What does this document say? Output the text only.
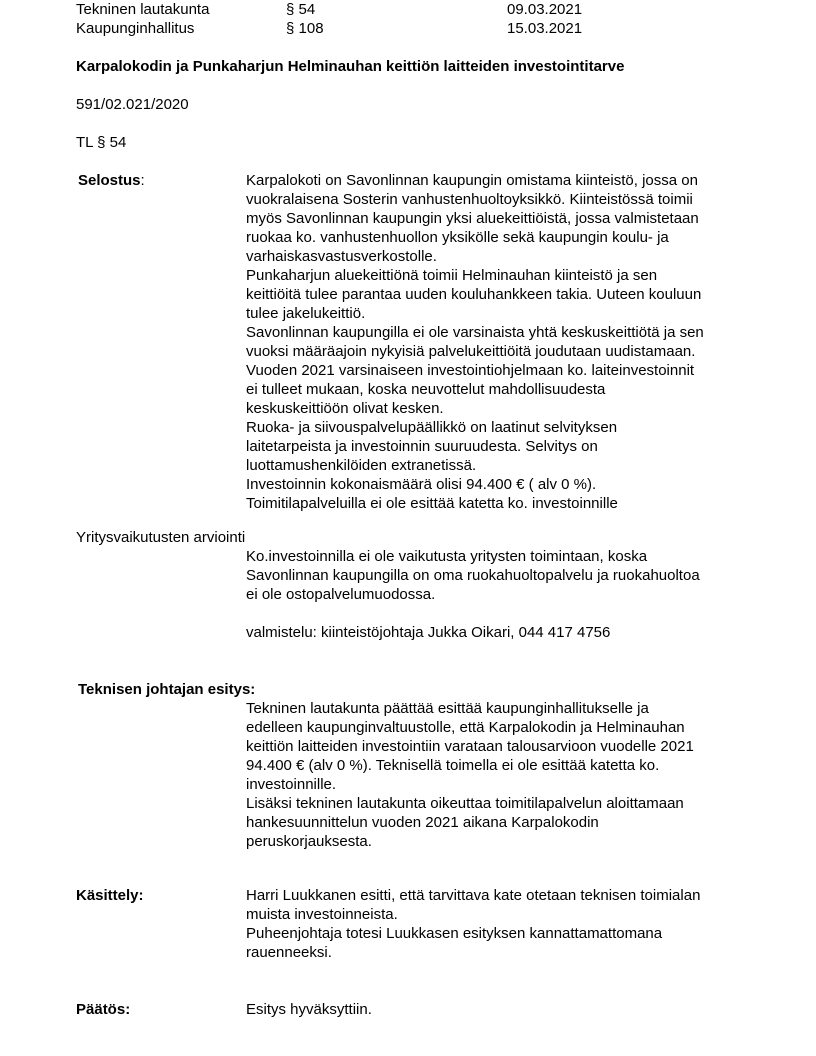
Tekninen lautakunta	§ 54	09.03.2021
Kaupunginhallitus	§ 108	15.03.2021
Karpalokodin ja Punkaharjun Helminauhan keittiön laitteiden investointitarve
591/02.021/2020
TL § 54
Selostus:	Karpalokoti on Savonlinnan kaupungin omistama kiinteistö, jossa on
vuokralaisena Sosterin vanhustenhuoltoyksikkö. Kiinteistössä toimii
myös Savonlinnan kaupungin yksi aluekeittiöistä, jossa valmistetaan
ruokaa ko. vanhustenhuollon yksikölle sekä kaupungin koulu- ja
varhaiskasvastusverkostolle.
Punkaharjun aluekeittiönä toimii Helminauhan kiinteistö ja sen
keittiöitä tulee parantaa uuden kouluhankkeen takia. Uuteen kouluun
tulee jakelukeittiö.
Savonlinnan kaupungilla ei ole varsinaista yhtä keskuskeittiötä ja sen
vuoksi määräajoin nykyisiä palvelukeittiöitä joudutaan uudistamaan.
Vuoden 2021 varsinaiseen investointiohjelmaan ko. laiteinvestoinnit
ei tulleet mukaan, koska neuvottelut mahdollisuudesta
keskuskeittiöön olivat kesken.
Ruoka- ja siivouspalvelupäällikkö on laatinut selvityksen
laitetarpeista ja investoinnin suuruudesta. Selvitys on
luottamushenkilöiden extranetissä.
Investoinnin kokonaismäärä olisi 94.400 € ( alv 0 %).
Toimitilapalveluilla ei ole esittää katetta ko. investoinnille
Yritysvaikutusten arviointi
Ko.investoinnilla ei ole vaikutusta yritysten toimintaan, koska
Savonlinnan kaupungilla on oma ruokahuoltopalvelu ja ruokahuoltoa
ei ole ostopalvelumuodossa.
valmistelu: kiinteistöjohtaja Jukka Oikari, 044 417 4756
Teknisen johtajan esitys:
Tekninen lautakunta päättää esittää kaupunginhallitukselle ja
edelleen kaupunginvaltuustolle, että Karpalokodin ja Helminauhan
keittiön laitteiden investointiin varataan talousarvioon vuodelle 2021
94.400 € (alv 0 %). Teknisellä toimella ei ole esittää katetta ko.
investoinnille.
Lisäksi tekninen lautakunta oikeuttaa toimitilapalvelun aloittamaan
hankesuunnittelun vuoden 2021 aikana Karpalokodin
peruskorjauksesta.
Käsittely:	Harri Luukkanen esitti, että tarvittava kate otetaan teknisen toimialan
muista investoinneista.
Puheenjohtaja totesi Luukkasen esityksen kannattamattomana
rauenneeksi.
Päätös:	Esitys hyväksyttiin.
